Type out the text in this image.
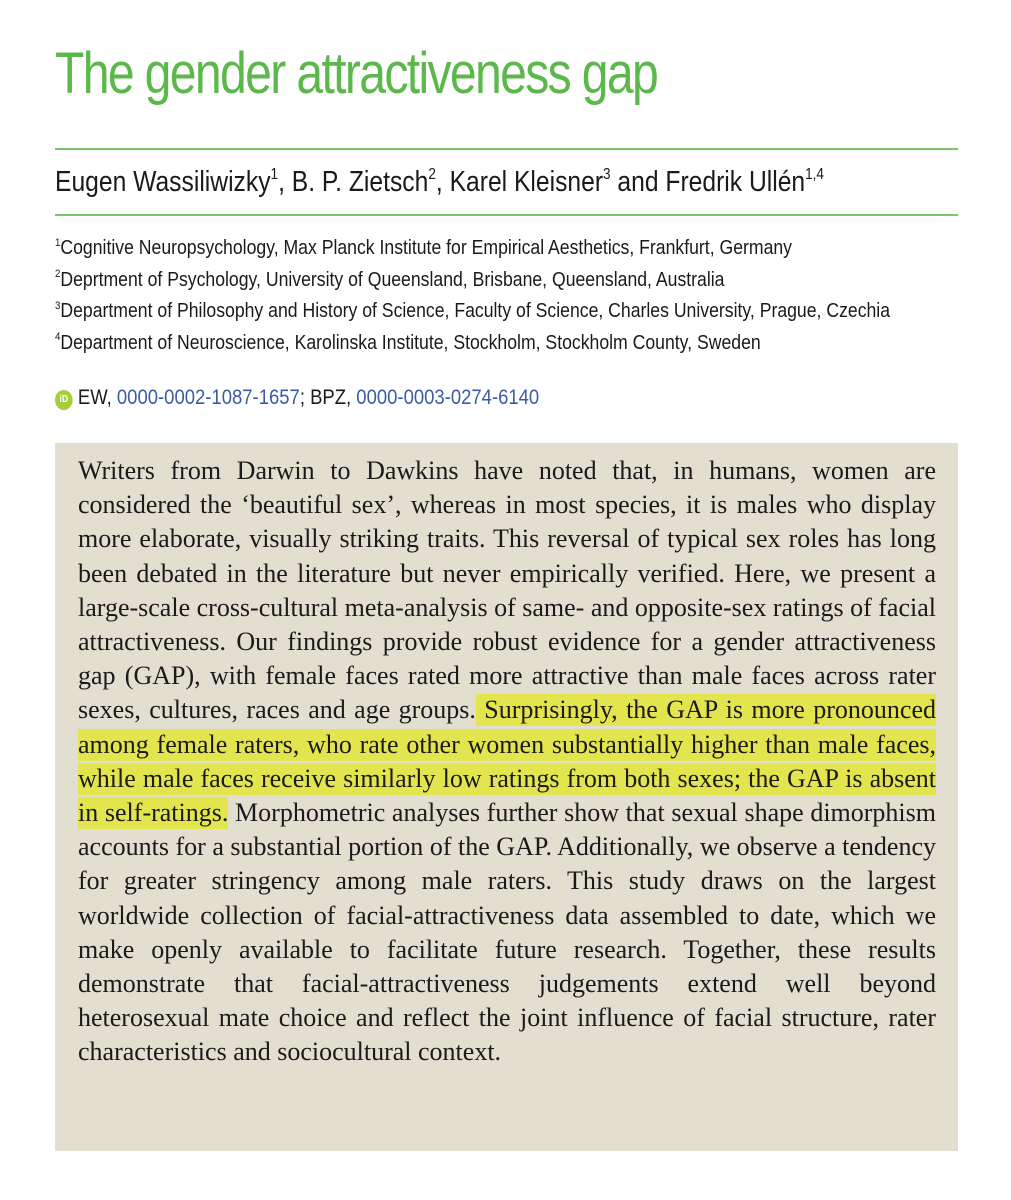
The gender attractiveness gap
Eugen Wassiliwizky$^1$, B. P. Zietsch$^2$, Karel Kleisner$^3$ and Fredrik Ullén$^{1,4}$
$^1$Cognitive Neuropsychology, Max Planck Institute for Empirical Aesthetics, Frankfurt, Germany
$^2$Deprtment of Psychology, University of Queensland, Brisbane, Queensland, Australia
$^3$Department of Philosophy and History of Science, Faculty of Science, Charles University, Prague, Czechia
$^4$Department of Neuroscience, Karolinska Institute, Stockholm, Stockholm County, Sweden
iD EW, 0000-0002-1087-1657; BPZ, 0000-0003-0274-6140

Writers from Darwin to Dawkins have noted that, in humans, women are considered the ‘beautiful sex’, whereas in most species, it is males who display more elaborate, visually striking traits. This reversal of typical sex roles has long been debated in the literature but never empirically verified. Here, we present a large-scale cross-cultural meta-analysis of same- and opposite-sex ratings of facial attractiveness. Our findings provide robust evidence for a gender attractiveness gap (GAP), with female faces rated more attractive than male faces across rater sexes, cultures, races and age groups. Surprisingly, the GAP is more pronounced among female raters, who rate other women substantially higher than male faces, while male faces receive similarly low ratings from both sexes; the GAP is absent in self-ratings. Morphometric analyses further show that sexual shape dimorphism accounts for a substantial portion of the GAP. Additionally, we observe a tendency for greater stringency among male raters. This study draws on the largest worldwide collection of facial-attractiveness data assembled to date, which we make openly available to facilitate future research. Together, these results demonstrate that facial-attractiveness judgements extend well beyond heterosexual mate choice and reflect the joint influence of facial structure, rater characteristics and sociocultural context.
